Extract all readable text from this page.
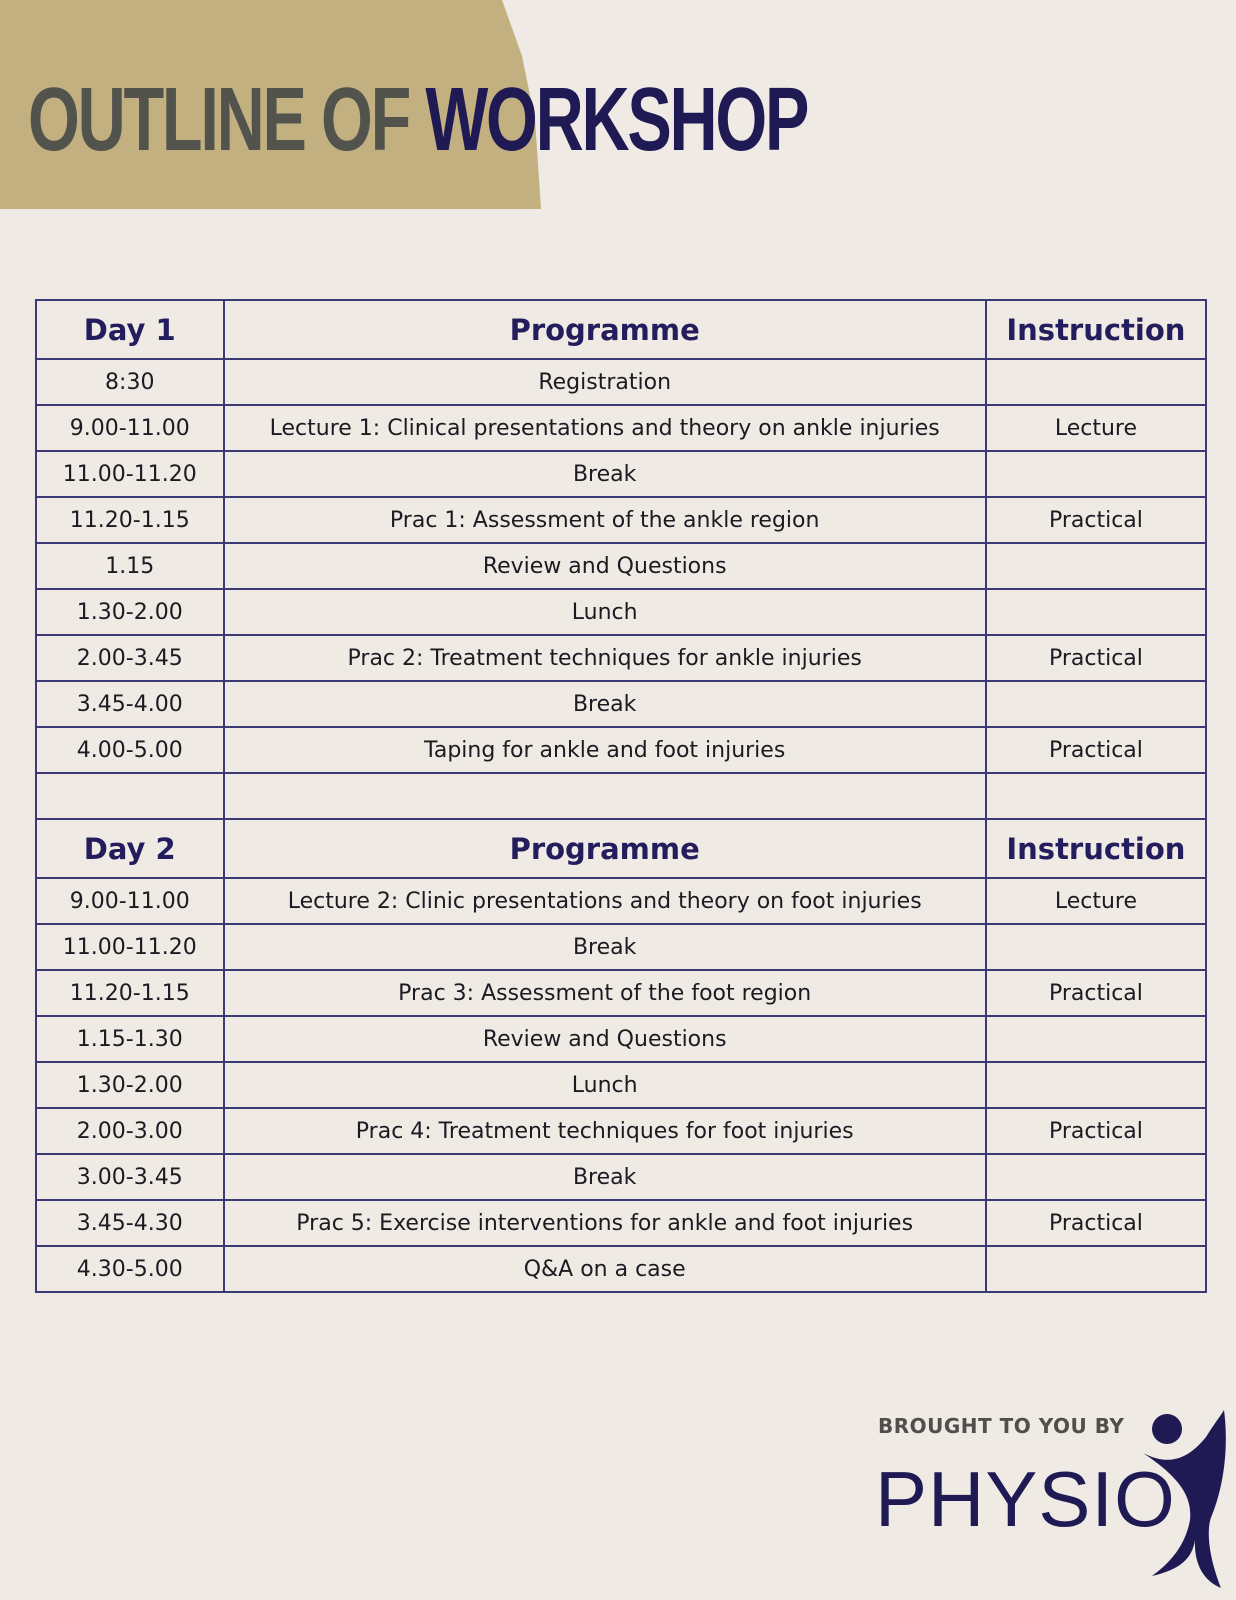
OUTLINE OF WORKSHOP
Day 1	Programme	Instruction
8:30	Registration	
9.00-11.00	Lecture 1: Clinical presentations and theory on ankle injuries	Lecture
11.00-11.20	Break	
11.20-1.15	Prac 1: Assessment of the ankle region	Practical
1.15	Review and Questions	
1.30-2.00	Lunch	
2.00-3.45	Prac 2: Treatment techniques for ankle injuries	Practical
3.45-4.00	Break	
4.00-5.00	Taping for ankle and foot injuries	Practical

Day 2	Programme	Instruction
9.00-11.00	Lecture 2: Clinic presentations and theory on foot injuries	Lecture
11.00-11.20	Break	
11.20-1.15	Prac 3: Assessment of the foot region	Practical
1.15-1.30	Review and Questions	
1.30-2.00	Lunch	
2.00-3.00	Prac 4: Treatment techniques for foot injuries	Practical
3.00-3.45	Break	
3.45-4.30	Prac 5: Exercise interventions for ankle and foot injuries	Practical
4.30-5.00	Q&A on a case	

BROUGHT TO YOU BY

PHYSIO
